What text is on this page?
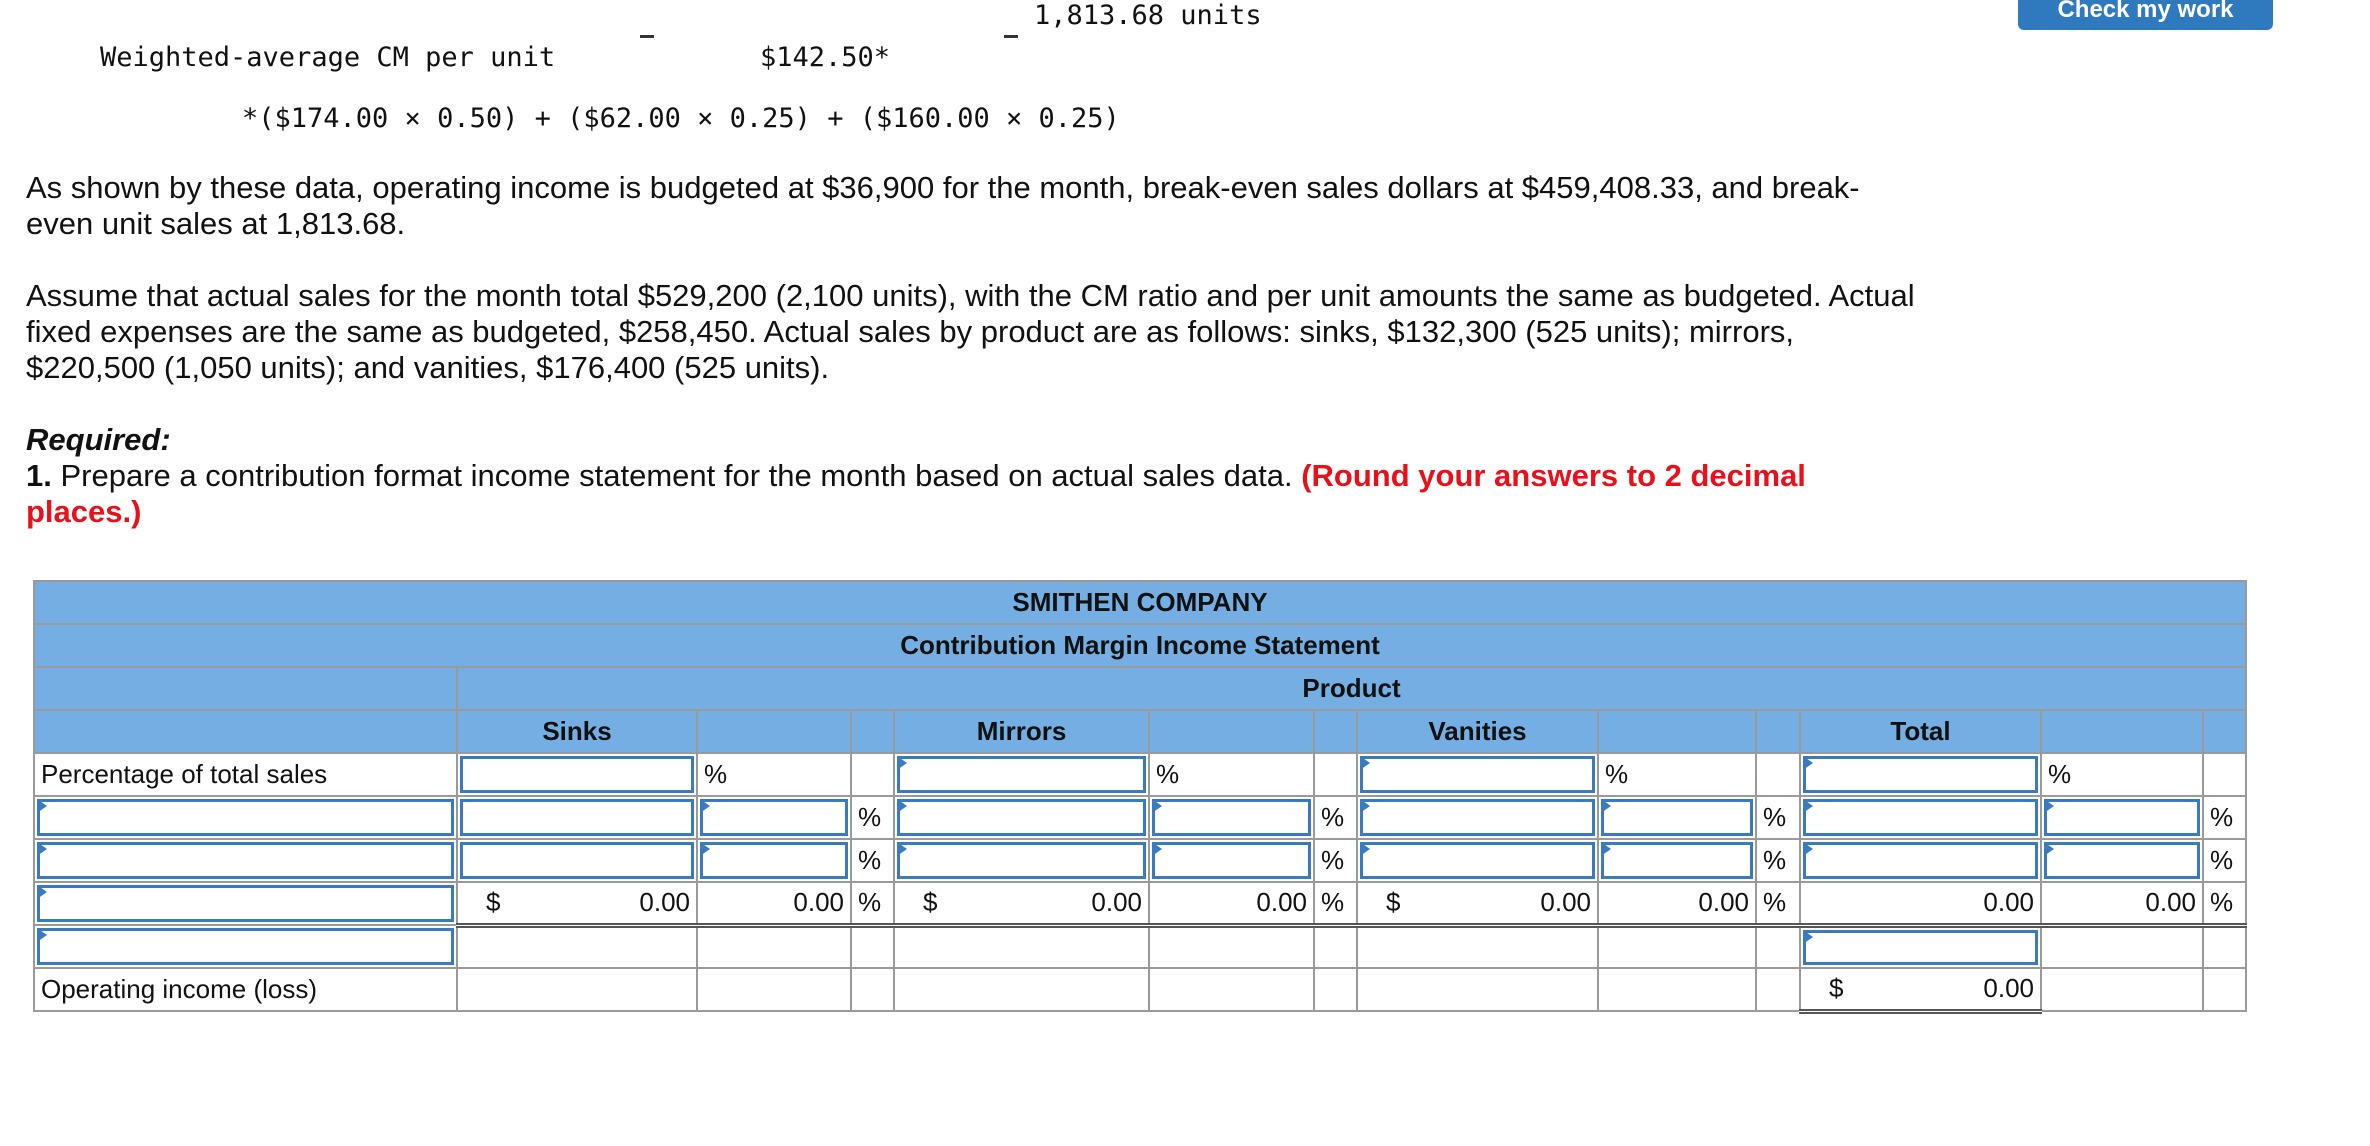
Check my work
Weighted-average CM per unit	$142.50*
1,813.68 units
*($174.00 × 0.50) + ($62.00 × 0.25) + ($160.00 × 0.25)
As shown by these data, operating income is budgeted at $36,900 for the month, break-even sales dollars at $459,408.33, and break-even unit sales at 1,813.68.
Assume that actual sales for the month total $529,200 (2,100 units), with the CM ratio and per unit amounts the same as budgeted. Actual fixed expenses are the same as budgeted, $258,450. Actual sales by product are as follows: sinks, $132,300 (525 units); mirrors, $220,500 (1,050 units); and vanities, $176,400 (525 units).
Required:
1. Prepare a contribution format income statement for the month based on actual sales data. (Round your answers to 2 decimal places.)
SMITHEN COMPANY												
Contribution Margin Income Statement												
	Product											
	Sinks			Mirrors			Vanities			Total		
Percentage of total sales		%			%			%			%	
			%			%			%			%
			%			%			%			%

	$ 0.00	0.00	%	$ 0.00	0.00	%	$ 0.00	0.00	%	0.00	0.00	%

Operating income (loss)										$ 0.00		
